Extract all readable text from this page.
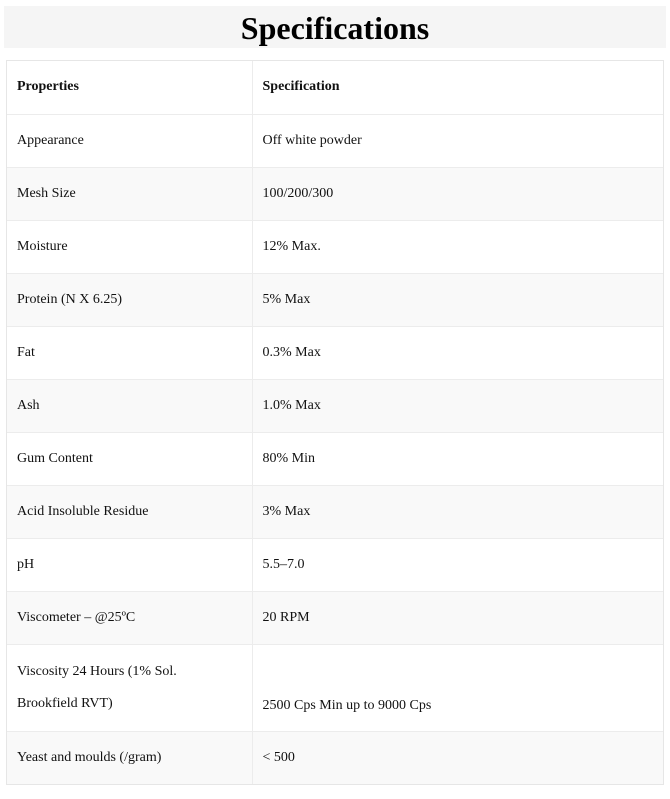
Specifications
Properties	Specification
Appearance	Off white powder
Mesh Size	100/200/300
Moisture	12% Max.
Protein (N X 6.25)	5% Max
Fat	0.3% Max
Ash	1.0% Max
Gum Content	80% Min
Acid Insoluble Residue	3% Max
pH	5.5–7.0
Viscometer – @25ºC	20 RPM
Viscosity 24 Hours (1% Sol.
Brookfield RVT)	2500 Cps Min up to 9000 Cps
Yeast and moulds (/gram)	< 500
